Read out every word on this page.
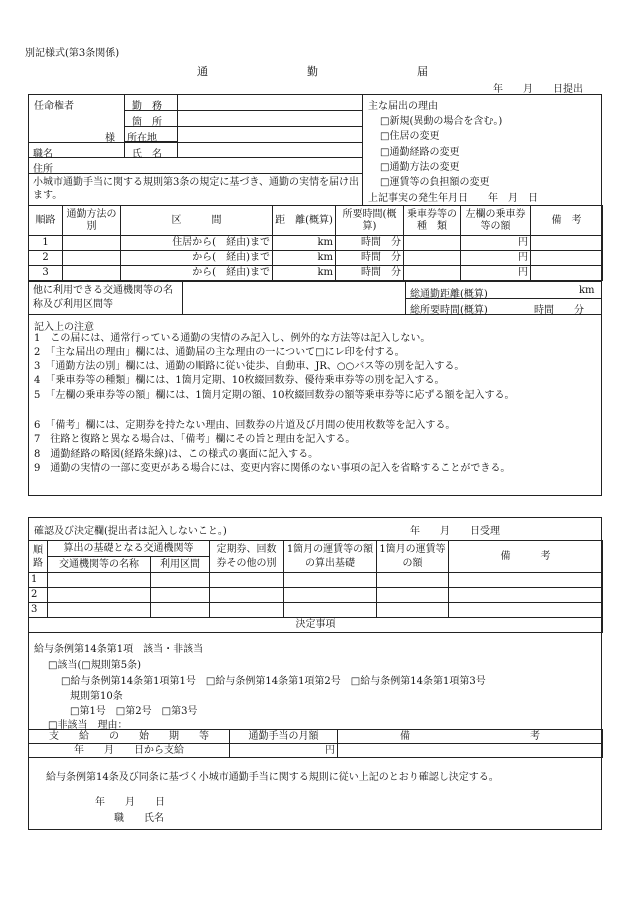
別記様式(第3条関係)
通　　　　　　　　　勤　　　　　　　　　届
年　　月　　日提出
任命権者
様
勤　務
箇　所
所在地
職名	氏　名
住所
小城市通勤手当に関する規則第3条の規定に基づき、通勤の実情を届け出ます。
主な届出の理由
□新規(異動の場合を含む。)
□住居の変更
□通勤経路の変更
□通勤方法の変更
□運賃等の負担額の変更
上記事実の発生年月日　　年　月　日
順路	通勤方法の　別	区　　　間	距　離(概算)	所要時間(概算)	乗車券等の　種　類	左欄の乗車券等の額	備　考
1		住居から(　経由)まで	km	時間　分		円	
2		から(　経由)まで	km	時間　分		円	
3		から(　経由)まで	km	時間　分		円	
他に利用できる交通機関等の名称及び利用区間等
総通勤距離(概算)	km
総所要時間(概算)	時間　　分
記入上の注意
1　 この届には、通常行っている通勤の実情のみ記入し、例外的な方法等は記入しない。
2　 「主な届出の理由」欄には、通勤届の主な理由の一について□にレ印を付する。
3　 「通勤方法の別」欄には、通勤の順路に従い徒歩、自動車、JR、○○バス等の別を記入する。
4　 「乗車券等の種類」欄には、1箇月定期、10枚綴回数券、優待乗車券等の別を記入する。
5　 「左欄の乗車券等の額」欄には、1箇月定期の額、10枚綴回数券の額等乗車券等に応ずる額を記入する。
6　 「備考」欄には、定期券を持たない理由、回数券の片道及び月間の使用枚数等を記入する。
7　 往路と復路と異なる場合は、「備考」欄にその旨と理由を記入する。
8　 通勤経路の略図(経路朱線)は、この様式の裏面に記入する。
9　 通勤の実情の一部に変更がある場合には、変更内容に関係のない事項の記入を省略することができる。
確認及び決定欄(提出者は記入しないこと。)	年　　月　　日受理
順路	算出の基礎となる交通機関等		定期券、回数券その他の別	1箇月の運賃等の額の算出基礎	1箇月の運賃等の額	備　　　考
	交通機関等の名称	利用区間				
1						
2						
3						
決定事項						
給与条例第14条第1項　該当・非該当
□該当(□規則第5条)
□給与条例第14条第1項第1号　□給与条例第14条第1項第2号　□給与条例第14条第1項第3号
規則第10条
□第1号　□第2号　□第3号
□非該当　理由：
支　　給　　の　　始　　期　　等	通勤手当の月額	備　　　　　　　　　　　　考
年　　月　　日から支給	円	
給与条例第14条及び同条に基づく小城市通勤手当に関する規則に従い上記のとおり確認し決定する。
年　　月　　日
職　　氏名
